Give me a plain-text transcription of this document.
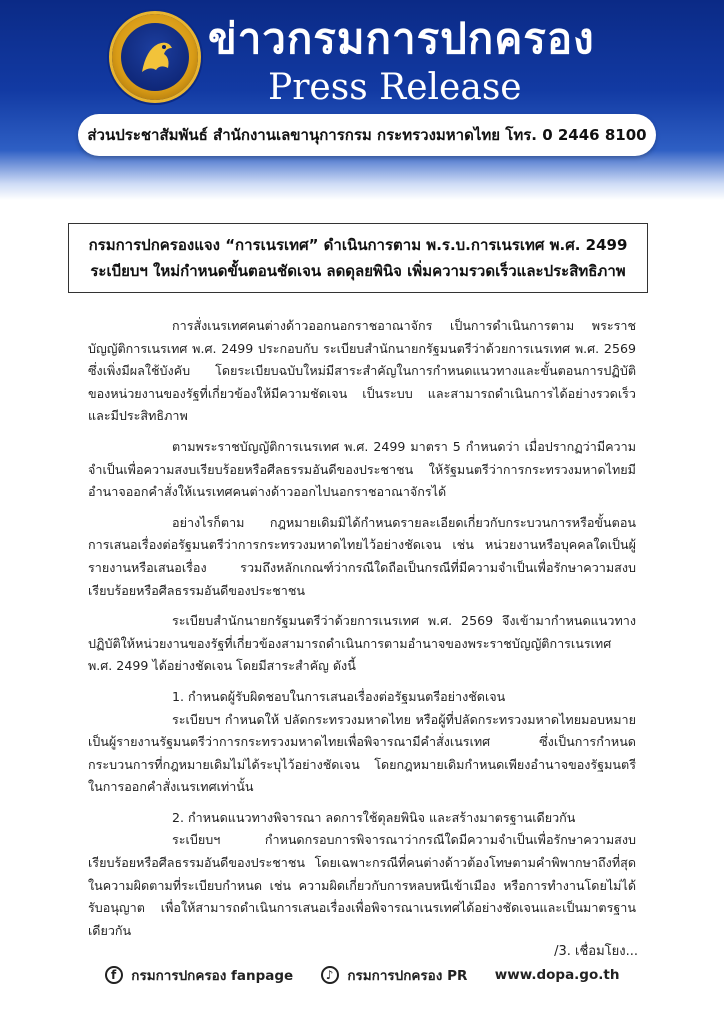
ข่าวกรมการปกครอง
Press Release
ส่วนประชาสัมพันธ์ สำนักงานเลขานุการกรม กระทรวงมหาดไทย โทร. 0 2446 8100
กรมการปกครองแจง “การเนรเทศ” ดำเนินการตาม พ.ร.บ.การเนรเทศ พ.ศ. 2499
ระเบียบฯ ใหม่กำหนดขั้นตอนชัดเจน ลดดุลยพินิจ เพิ่มความรวดเร็วและประสิทธิภาพ

การสั่งเนรเทศคนต่างด้าวออกนอกราชอาณาจักร เป็นการดำเนินการตาม พระราชบัญญัติการเนรเทศ พ.ศ. 2499 ประกอบกับ ระเบียบสำนักนายกรัฐมนตรีว่าด้วยการเนรเทศ พ.ศ. 2569 ซึ่งเพิ่งมีผลใช้บังคับ โดยระเบียบฉบับใหม่มีสาระสำคัญในการกำหนดแนวทางและขั้นตอนการปฏิบัติของหน่วยงานของรัฐที่เกี่ยวข้องให้มีความชัดเจน เป็นระบบ และสามารถดำเนินการได้อย่างรวดเร็วและมีประสิทธิภาพ

ตามพระราชบัญญัติการเนรเทศ พ.ศ. 2499 มาตรา 5 กำหนดว่า เมื่อปรากฏว่ามีความจำเป็นเพื่อความสงบเรียบร้อยหรือศีลธรรมอันดีของประชาชน ให้รัฐมนตรีว่าการกระทรวงมหาดไทยมีอำนาจออกคำสั่งให้เนรเทศคนต่างด้าวออกไปนอกราชอาณาจักรได้

อย่างไรก็ตาม กฎหมายเดิมมิได้กำหนดรายละเอียดเกี่ยวกับกระบวนการหรือขั้นตอนการเสนอเรื่องต่อรัฐมนตรีว่าการกระทรวงมหาดไทยไว้อย่างชัดเจน เช่น หน่วยงานหรือบุคคลใดเป็นผู้รายงานหรือเสนอเรื่อง รวมถึงหลักเกณฑ์ว่ากรณีใดถือเป็นกรณีที่มีความจำเป็นเพื่อรักษาความสงบเรียบร้อยหรือศีลธรรมอันดีของประชาชน

ระเบียบสำนักนายกรัฐมนตรีว่าด้วยการเนรเทศ พ.ศ. 2569 จึงเข้ามากำหนดแนวทางปฏิบัติให้หน่วยงานของรัฐที่เกี่ยวข้องสามารถดำเนินการตามอำนาจของพระราชบัญญัติการเนรเทศ พ.ศ. 2499 ได้อย่างชัดเจน โดยมีสาระสำคัญ ดังนี้

1. กำหนดผู้รับผิดชอบในการเสนอเรื่องต่อรัฐมนตรีอย่างชัดเจน

ระเบียบฯ กำหนดให้ ปลัดกระทรวงมหาดไทย หรือผู้ที่ปลัดกระทรวงมหาดไทยมอบหมายเป็นผู้รายงานรัฐมนตรีว่าการกระทรวงมหาดไทยเพื่อพิจารณามีคำสั่งเนรเทศ ซึ่งเป็นการกำหนดกระบวนการที่กฎหมายเดิมไม่ได้ระบุไว้อย่างชัดเจน โดยกฎหมายเดิมกำหนดเพียงอำนาจของรัฐมนตรีในการออกคำสั่งเนรเทศเท่านั้น

2. กำหนดแนวทางพิจารณา ลดการใช้ดุลยพินิจ และสร้างมาตรฐานเดียวกัน

ระเบียบฯ กำหนดกรอบการพิจารณาว่ากรณีใดมีความจำเป็นเพื่อรักษาความสงบเรียบร้อยหรือศีลธรรมอันดีของประชาชน โดยเฉพาะกรณีที่คนต่างด้าวต้องโทษตามคำพิพากษาถึงที่สุดในความผิดตามที่ระเบียบกำหนด เช่น ความผิดเกี่ยวกับการหลบหนีเข้าเมือง หรือการทำงานโดยไม่ได้รับอนุญาต เพื่อให้สามารถดำเนินการเสนอเรื่องเพื่อพิจารณาเนรเทศได้อย่างชัดเจนและเป็นมาตรฐานเดียวกัน

/3. เชื่อมโยง...
f กรมการปกครอง fanpage	♪ กรมการปกครอง PR www.dopa.go.th
